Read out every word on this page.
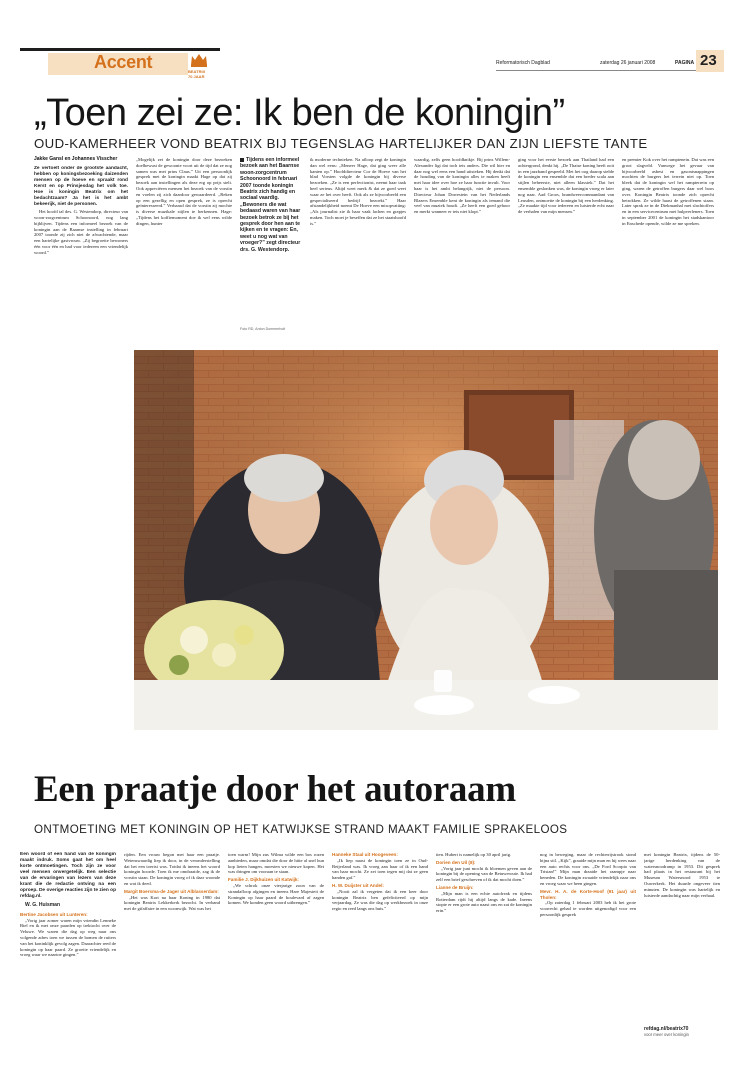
Accent	BEATRIX
70 JAAR
Reformatorisch Dagblad	zaterdag 26 januari 2008	PAGINA 23
„Toen zei ze: Ik ben de koningin”
OUD-KAMERHEER VOND BEATRIX BIJ TEGENSLAG HARTELIJKER DAN ZIJN LIEFSTE TANTE
Jakke Gansl en Johannes Visscher

Ze vertoelt onder de grootste aandacht, hebben op koningsbezoeking daizenden mensen op de hoeve en spraakt rond Kerst en op Prinsjesdag het volk toe. Hoe is koningin Beatrix om het bedachtzaam? Ja het is het ambt bekeerijk, niet de personen.

Het hoofd tal des. G. Westendorp, directeur van woon-zorgcentrum Schoonoord, nog lang bijblijven. Tijdens een informeel bezoek van de koningin aan de Baarnse instelling in februari 2007 toonde zij zich niet de afwachtende, maar een hartelijke gastvrouw. „Zij begroette bewoners één voor één en had voor iedereen een vriendelijk woord.”

„Mogelijk zet de koningin door deze bezoeken doelbewust de gewoonte voort uit de tijd dat ze nog samen was met prins Claus.” Uit een persoonlijk gesprek met de koningin maakt Hage op dat zij bezoek aan instellingen als deze erg op prijs stelt. Ook appreciëren mensen het bezoek van de vorstin en voelen zij zich daardoor gewaardeerd. „Reken op een gezellig en open gesprek, ze is oprecht geïnteresseerd.” Verbaasd dat de vorstin zij mochte is diverse muzikale stijlen te herkennen. Hage: „Tijdens het koffiemoment doe ik wel eens wilde dingen, hunter

Tijdens een informeel bezoek aan het Baarnse woon-zorgcentrum Schoonoord in februari 2007 toonde koningin Beatrix zich handig en sociaal vaardig. „Bewoners die wat bedaasd waren van haar bezoek betrok ze bij het gesprek door hen aan te kijken en te vragen: En, weet u nog wat van vroeger?” zegt directeur drs. G. Westendorp.
Foto RD, Anton Dommerholt

ik moderne technieken. Na afloop zegt de koningin dan wel eens: „Meneer Hage, dat ging weer alle kanten op.” Hoofddirecteur Cor de Hoeve van het blad Vorsten volgde de koningin bij diverse bezoeken. „Ze is een perfectionist, neemt haar taak heel serieus. Altijd weet merk & dat ze goed weet waar ze het over heeft. Ook als ze bijvoorbeeld een gespecialiseerd bedrijf bezoekt.” Haar afstandelijkheid noemt De Hoeve een misopvatting: „Als journalist zie ik haar vaak lachen en grapjes maken. Toch moet je beseffen dat ze het staatshoofd is.”

waardig, zelfs geen hoofdknikje. Bij prins Willem-Alexander ligt dat toch iets anders. Die wil hier en daar nog wel eens een hand uitsteken. Hij denkt dat de houding van de koningin alles te maken heeft met haar idee over hoe ze haar functie invult. Voor haar is het ambt belangrijk, niet de persoon. Directeur Johan Dorrestein van het Nederlands Blazers Ensemble kent de koningin als iemand die veel van muziek houdt. „Ze heeft een goed gehoor en merkt wanneer er iets niet klopt.”

ging voor het eerste bezoek aan Thailand had een achtergrond, denkt hij. „De Thaise koning heeft ooit in een jazzband gespeeld. Met het oog daarop stelde de koningin een ensemble dat een breder scala aan stijlen beheerste, niet alleen klassiek.” Dat het ensemble geslonken was, de koningin vroeg er later nog naar. Aad Groos, brandweercommandant van Leusden, ontmoette de koningin bij een herdenking. „Ze maakte tijd voor iedereen en luisterde echt naar de verhalen van mijn mensen.”

en premier Kok over het ramptenein. Dat was een groot slagveld. Vanwege het gevaar van bijvoorbeeld asbest en gasontsnappingen mochten de burgers het terrein niet op. Toen bleek dat de koningin wel het rampterrein op ging, waren de getroffen burgers daar wel boos over. Koningin Beatrix toonde zich oprecht betrokken. Ze wilde haast de getroffenen staan. Later sprak ze in de Diekmanhal met slachtoffers en in een servicecentrum met hulpverleners. Toen in september 2001 de koningin het stadskantoor in Enschede opende, wilde ze me spreken.

Een praatje door het autoraam
ONTMOETING MET KONINGIN OP HET KATWIJKSE STRAND MAAKT FAMILIE SPRAKELOOS

Een woord of een hand van de koningin maakt indruk. Soms gaat het om heel korte ontmoetingen. Toch zijn ze voor veel mensen onvergetelijk. Een selectie van de ervaringen van lezers van deze krant die de redactie ontving na een oproep. De overige reacties zijn te zien op refdag.nl.

W. G. Huisman

Bertine Jacobsen uit Lunteren:

„Vorig jaar zomer waren mijn vriendin Lenneke Biel en ik met onze paarden op trektocht over de Veluwe. We waren die dag op weg naar ons volgende adres toen we tussen de bomen de ruiters van het koninklijk gevolg zagen. Daarachter reed de koningin op haar paard. Ze groette vriendelijk en vroeg waar we naartoe gingen.”

rijden. Een vrouw begon met haar een praatje. Wetenswaardig liep ik door, in de veronderstelling dat het een toerist was. Totdat ik ineens het woord koningin hoorde. Toen ik me omdraaide, zag ik de vorstin staan. De koningin vroeg of ik daar woonde en wat ik deed.

Margit Boersma-de Jager uit Alblasserdam:

„Het was Kort na haar Koning in 1980 dat koningin Beatrix Lekkerkerk bezocht. In verband met de gifaffaire in een woonwijk. Wat was het

toen warm! Mijn zus Wilma wilde een bos rozen aanbieden, maar omdat die door de hitte al snel hun kop lieten hangen, moesten we nieuwe kopen. Het was dringen om vooraan te staan.

Familie J. Dijkhuizen uit Katwijk:

„We schrok onze vierjarige zoon van de strandafloop afgingen en ineens Hare Majesteit de Koningin op haar paard de boulevard af zagen komen. We konden geen woord uitbrengen.”

Hanneke Staal uit Hoogeveen:

„Ik liep naast de koningin toen ze in Oud-Beijerland was. Ik vroeg aan haar of ik een hand van haar mocht. Ze zei toen tegen mij dat ze geen handen gaf.”

H. W. Duijster uit Andel:

„Nooit zal ik vergeten dat ik een keer door koningin Beatrix ben gefeliciteerd op mijn verjaardag. Ze was die dag op werkbezoek in onze regio en reed langs ons huis.”

tien. Hubert is namelijk op 30 april jarig.

Dorien den Uil (8):

„Vorig jaar juni mocht ik bloemen geven aan de koningin bij de opening van de Betuweroute. Ik had zelf een brief geschreven of ik dat mocht doen.”

Lianne de Bruijn:

„Mijn man is een echte autofreak en tijdens Rotterdam rijdt hij altijd langs de kade. Ineens stopte er een grote auto naast ons en zat de koningin erin.”

nog in beweging, maar de rechterrijstrook stond bijna stil. „Kijk”, graaide mijn man en hij wees naar een auto rechts voor ons. „De Ford Scorpio van Tristan!” Mijn man draaide het raampje naar beneden. De koningin zwaaide vriendelijk naar ons en vroeg waar we heen gingen.

Mevr. H. A. de Korte-Hoof (91 jaar) uit Tholen:

„Op zaterdag 1 februari 2003 heb ik het grote voorrecht gehad te worden uitgenodigd voor een persoonlijk gesprek

met koningin Beatrix, tijdens de 50-jarige herdenking van de watersnoodramp in 1953. Dit gesprek had plaats in het restaurant bij het Museum Watersnood 1953 te Ouwerkerk. Het duurde ongeveer tien minuten. De koningin was hartelijk en luisterde aandachtig naar mijn verhaal.

refdag.nl/beatrix70
voor meer over koningin
